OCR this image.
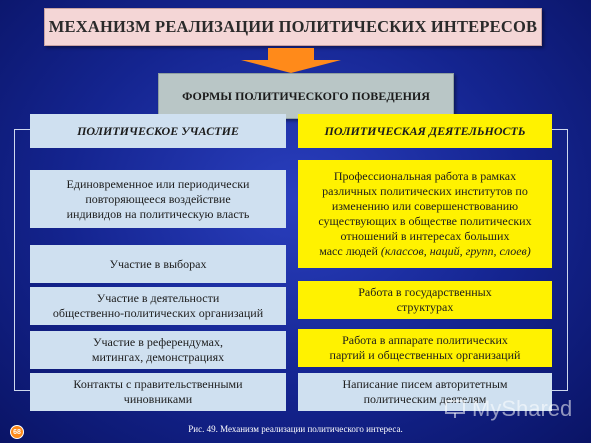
МЕХАНИЗМ РЕАЛИЗАЦИИ ПОЛИТИЧЕСКИХ ИНТЕРЕСОВ
ФОРМЫ ПОЛИТИЧЕСКОГО ПОВЕДЕНИЯ
ПОЛИТИЧЕСКОЕ УЧАСТИЕ	ПОЛИТИЧЕСКАЯ ДЕЯТЕЛЬНОСТЬ
Единовременное или периодически
повторяющееся воздействие
индивидов на политическую власть
Участие в выборах
Участие в деятельности
общественно-политических организаций
Участие в референдумах,
митингах, демонстрациях
Контакты с правительственными
чиновниками
Профессиональная работа в рамках
различных политических институтов по
изменению или совершенствованию
существующих в обществе политических
отношений в интересах больших
масс людей (классов, наций, групп, слоев)
Работа в государственных
структурах
Работа в аппарате политических
партий и общественных организаций
Написание писем авторитетным
политическим деятелям
MyShared
Рис. 49. Механизм реализации политического интереса.
68
